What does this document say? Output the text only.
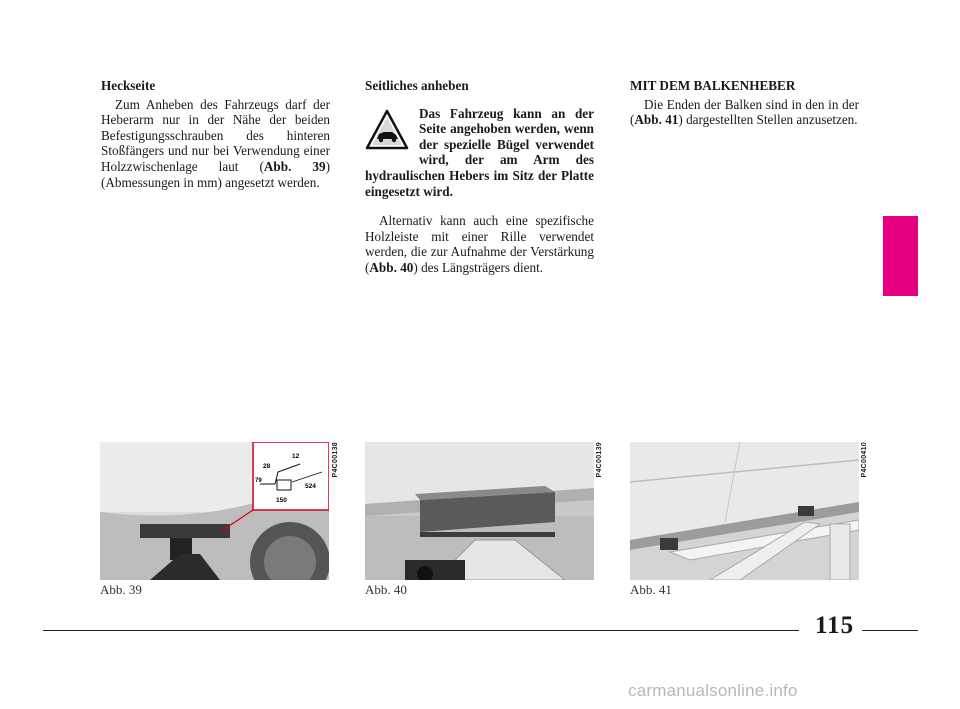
Heckseite

Zum Anheben des Fahrzeugs darf der Heberarm nur in der Nähe der beiden Befestigungsschrauben des hinteren Stoßfängers und nur bei Verwendung einer Holzzwischenlage laut (Abb. 39) (Abmessungen in mm) angesetzt werden.

Seitliches anheben

Das Fahrzeug kann an der Seite angehoben werden, wenn der spezielle Bügel verwendet wird, der am Arm des hydraulischen Hebers im Sitz der Platte eingesetzt wird.

Alternativ kann auch eine spezifische Holzleiste mit einer Rille verwendet werden, die zur Aufnahme der Verstärkung (Abb. 40) des Längsträgers dient.

MIT DEM BALKENHEBER

Die Enden der Balken sind in den in der (Abb. 41) dargestellten Stellen anzusetzen.

12
28
79
150
524
P4C00138
Abb. 39
P4C00139
Abb. 40
P4C00410
Abb. 41
115
carmanualsonline.info
